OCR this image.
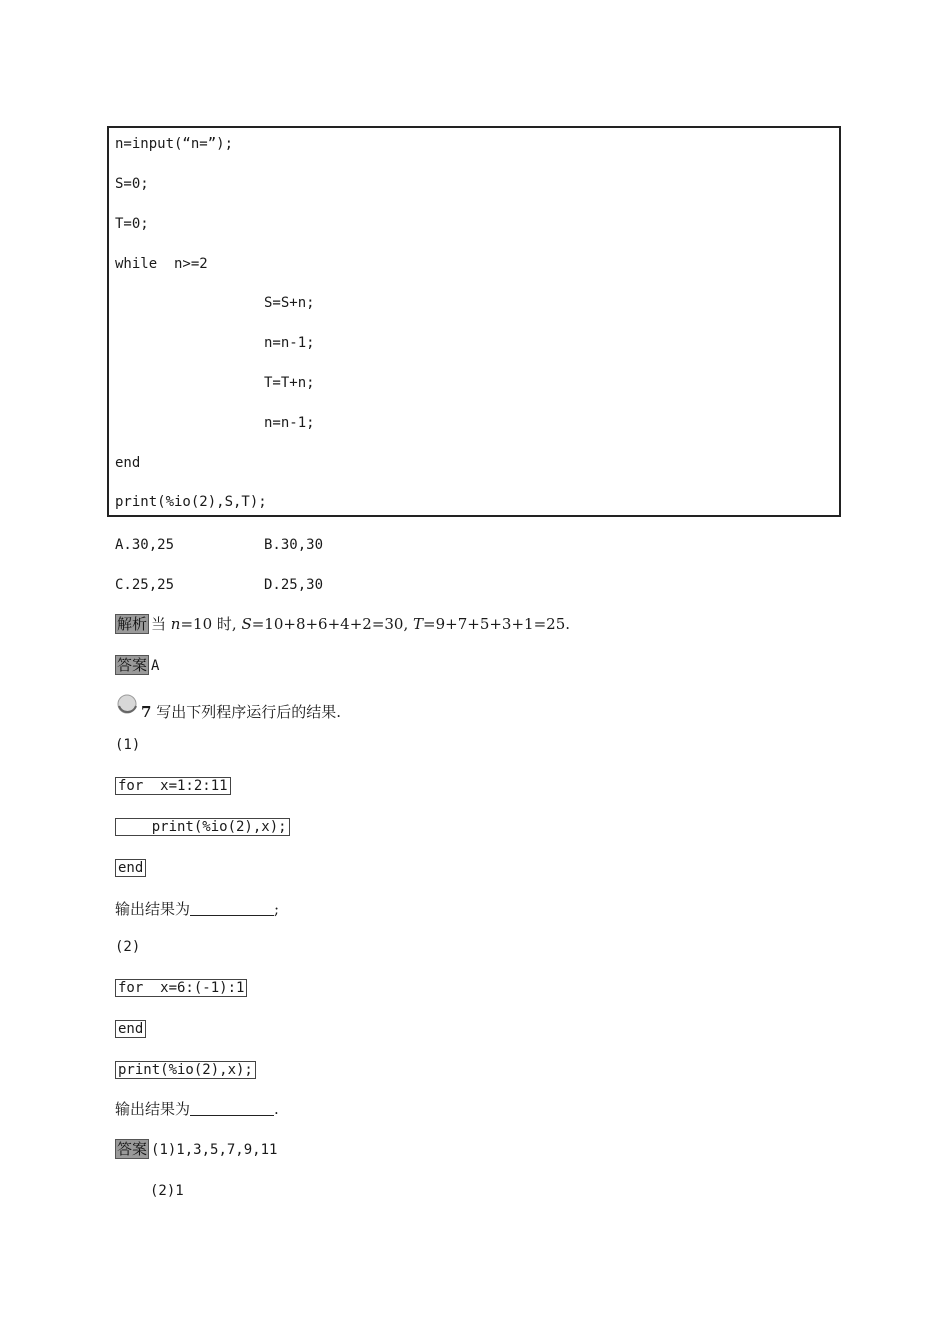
n=input(“n=”);
S=0;
T=0;
while  n>=2
S=S+n;
n=n-1;
T=T+n;
n=n-1;
end
print(%io(2),S,T);
A.30,25	B.30,30
C.25,25	D.25,30
解析 当 n=10 时, S=10+8+6+4+2=30, T=9+7+5+3+1=25.
答案 A
7 写出下列程序运行后的结果.
(1)
for  x=1:2:11
print(%io(2),x);
end
输出结果为	;
(2)
for  x=6:(-1):1
end
print(%io(2),x);
输出结果为	.
答案 (1)1,3,5,7,9,11
(2)1
